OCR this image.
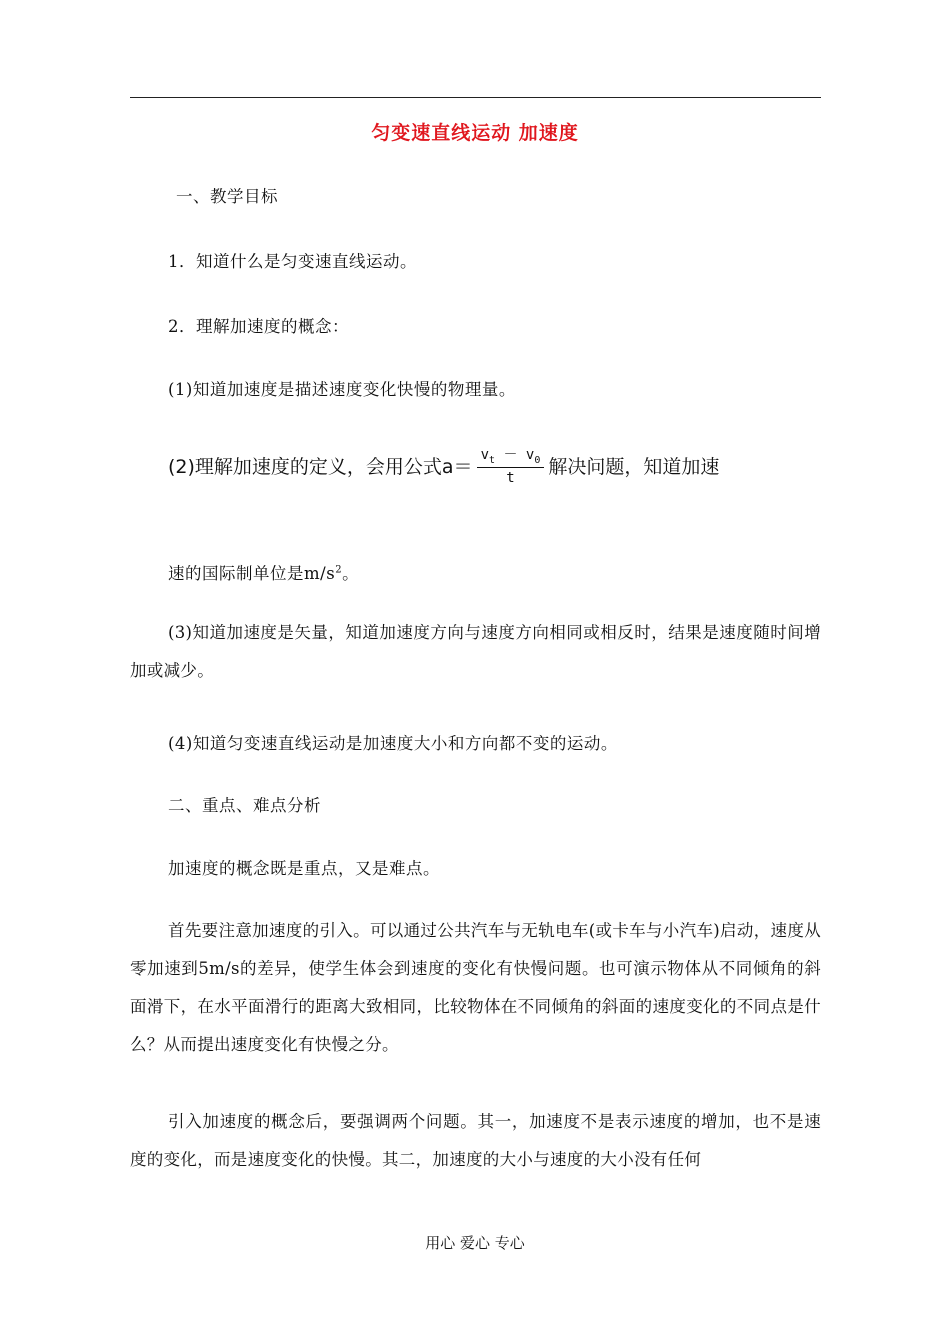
匀变速直线运动 加速度
一、教学目标
1．知道什么是匀变速直线运动。
2．理解加速度的概念：
(1)知道加速度是描述速度变化快慢的物理量。
(2)理解加速度的定义，会用公式$a= \frac{v_t - v_0}{t}$ 解决问题，知道加速
速的国际制单位是$m/s^2$。
(3)知道加速度是矢量，知道加速度方向与速度方向相同或相反时，结果是速度随时间增加或减少。
(4)知道匀变速直线运动是加速度大小和方向都不变的运动。
二、重点、难点分析
加速度的概念既是重点，又是难点。
首先要注意加速度的引入。可以通过公共汽车与无轨电车(或卡车与小汽车)启动，速度从零加速到5m/s的差异，使学生体会到速度的变化有快慢问题。也可演示物体从不同倾角的斜面滑下，在水平面滑行的距离大致相同，比较物体在不同倾角的斜面的速度变化的不同点是什么？从而提出速度变化有快慢之分。
引入加速度的概念后，要强调两个问题。其一，加速度不是表示速度的增加，也不是速度的变化，而是速度变化的快慢。其二，加速度的大小与速度的大小没有任何
用心 爱心 专心
